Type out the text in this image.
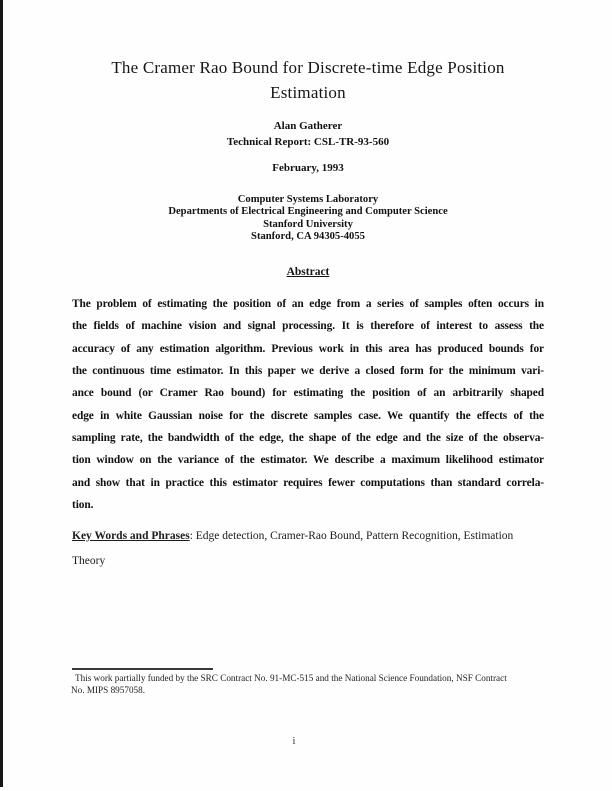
The Cramer Rao Bound for Discrete-time Edge Position
Estimation
Alan Gatherer
Technical Report: CSL-TR-93-560
February, 1993
Computer Systems Laboratory
Departments of Electrical Engineering and Computer Science
Stanford University
Stanford, CA 94305-4055
Abstract
The problem of estimating the position of an edge from a series of samples often occurs in
the fields of machine vision and signal processing. It is therefore of interest to assess the
accuracy of any estimation algorithm. Previous work in this area has produced bounds for
the continuous time estimator. In this paper we derive a closed form for the minimum vari-
ance bound (or Cramer Rao bound) for estimating the position of an arbitrarily shaped
edge in white Gaussian noise for the discrete samples case. We quantify the effects of the
sampling rate, the bandwidth of the edge, the shape of the edge and the size of the observa-
tion window on the variance of the estimator. We describe a maximum likelihood estimator
and show that in practice this estimator requires fewer computations than standard correla-
tion.
Key Words and Phrases: Edge detection, Cramer-Rao Bound, Pattern Recognition, Estimation
Theory
This work partially funded by the SRC Contract No. 91-MC-515 and the National Science Foundation, NSF Contract
No. MIPS 8957058.
i
